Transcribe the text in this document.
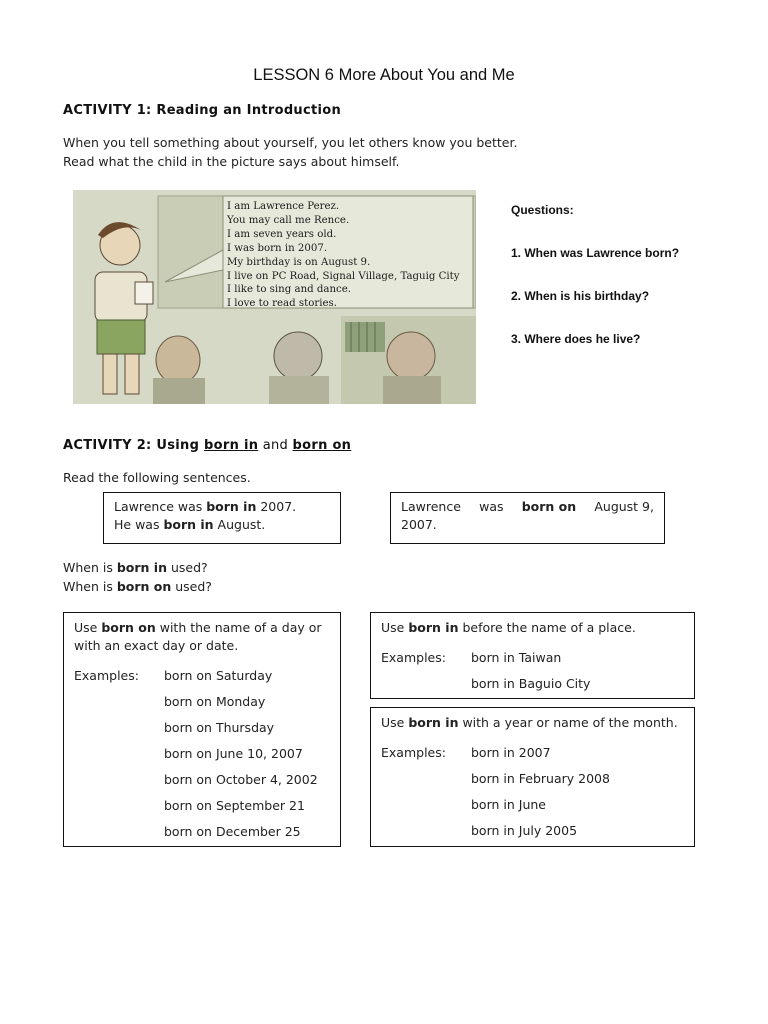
LESSON 6 More About You and Me
ACTIVITY 1: Reading an Introduction
When you tell something about yourself, you let others know you better.
Read what the child in the picture says about himself.
I am Lawrence Perez.
You may call me Rence.
I am seven years old.
I was born in 2007.
My birthday is on August 9.
I live on PC Road, Signal Village, Taguig City
I like to sing and dance.
I love to read stories.
Questions:
1. When was Lawrence born?
2. When is his birthday?
3. Where does he live?
ACTIVITY 2: Using born in and born on
Read the following sentences.

Lawrence was born in 2007.

He was born in August.

Lawrence was born on August 9,

2007.

When is born in used?
When is born on used?

Use born on with the name of a day or

with an exact day or date.

Examples:	born on Saturday
born on Monday
born on Thursday
born on June 10, 2007
born on October 4, 2002
born on September 21
born on December 25

Use born in before the name of a place.

Examples:	born in Taiwan
born in Baguio City

Use born in with a year or name of the month.

Examples:	born in 2007
born in February 2008
born in June
born in July 2005
